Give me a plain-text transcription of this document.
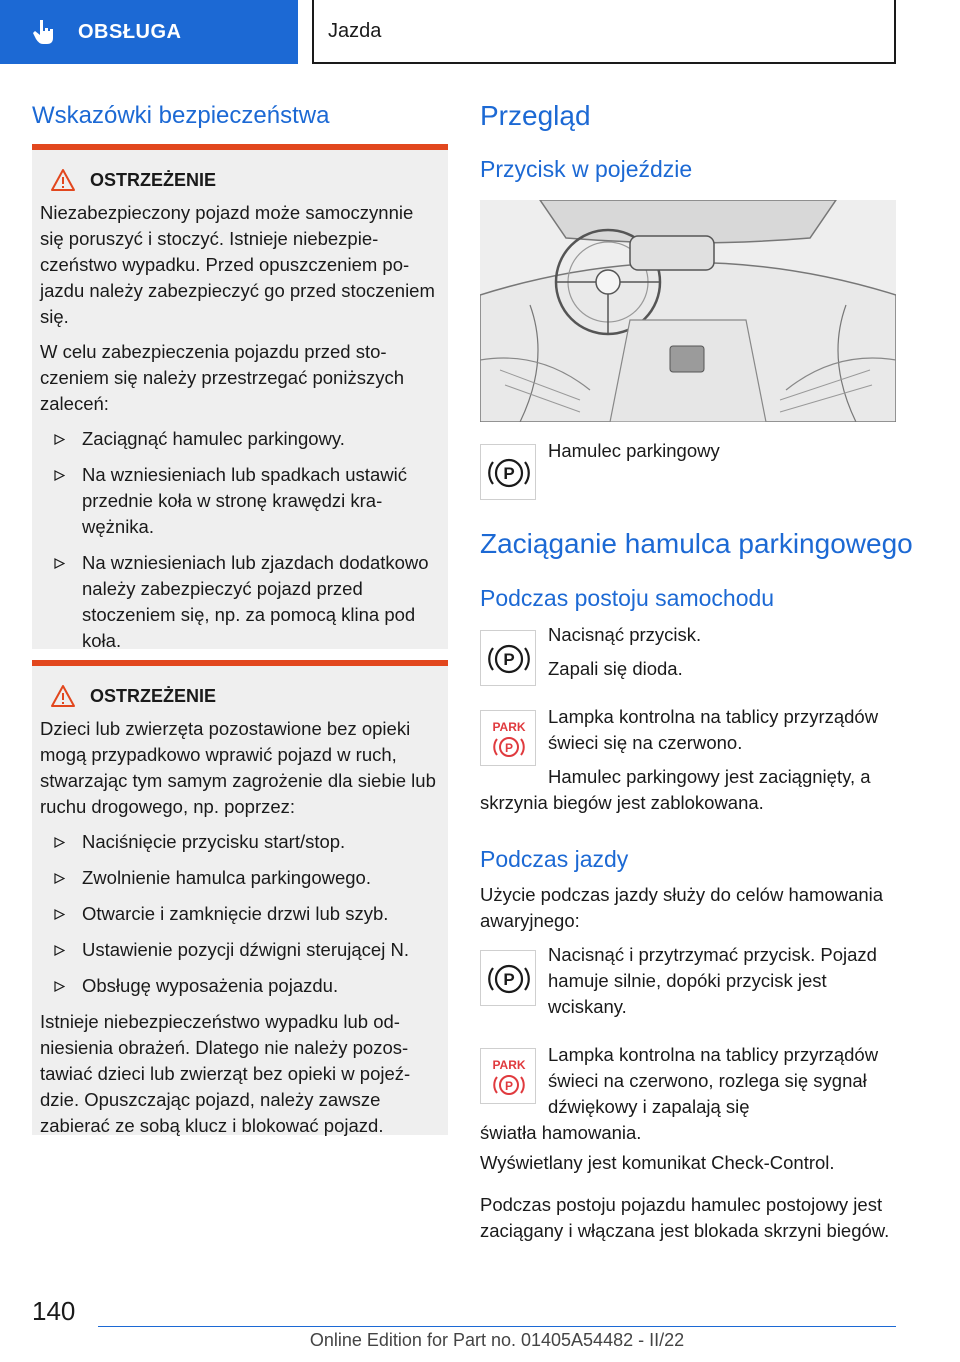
OBSŁUGA	Jazda
Wskazówki bezpieczeństwa
OSTRZEŻENIE

Niezabezpieczony pojazd może samoczynnie się poruszyć i stoczyć. Istnieje niebezpieczeństwo wypadku. Przed opuszczeniem pojazdu należy zabezpieczyć go przed stoczeniem się.

W celu zabezpieczenia pojazdu przed stoczeniem się należy przestrzegać poniższych zaleceń:

Zaciągnąć hamulec parkingowy.
Na wzniesieniach lub spadkach ustawić przednie koła w stronę krawędzi krawężnika.
Na wzniesieniach lub zjazdach dodatkowo należy zabezpieczyć pojazd przed stoczeniem się, np. za pomocą klina pod koła.
OSTRZEŻENIE

Dzieci lub zwierzęta pozostawione bez opieki mogą przypadkowo wprawić pojazd w ruch, stwarzając tym samym zagrożenie dla siebie lub ruchu drogowego, np. poprzez:

Naciśnięcie przycisku start/stop.
Zwolnienie hamulca parkingowego.
Otwarcie i zamknięcie drzwi lub szyb.
Ustawienie pozycji dźwigni sterującej N.
Obsługę wyposażenia pojazdu.

Istnieje niebezpieczeństwo wypadku lub odniesienia obrażeń. Dlatego nie należy pozostawiać dzieci lub zwierząt bez opieki w pojeździe. Opuszczając pojazd, należy zawsze zabierać ze sobą klucz i blokować pojazd.

Przegląd
Przycisk w pojeździe
P
Hamulec parkingowy
Zaciąganie hamulca parkingowego
Podczas postoju samochodu
P
Nacisnąć przycisk.
Zapali się dioda.
PARK
P
Lampka kontrolna na tablicy przyrządów świeci się na czerwono.
Hamulec parkingowy jest zaciągnięty, a skrzynia biegów jest zablokowana.
Podczas jazdy
Użycie podczas jazdy służy do celów hamowania awaryjnego:
P
Nacisnąć i przytrzymać przycisk. Pojazd hamuje silnie, dopóki przycisk jest wciskany.
PARK
P
Lampka kontrolna na tablicy przyrządów świeci na czerwono, rozlega się sygnał dźwiękowy i zapalają się
światła hamowania.
Wyświetlany jest komunikat Check-Control.
Podczas postoju pojazdu hamulec postojowy jest zaciągany i włączana jest blokada skrzyni biegów.
140
Online Edition for Part no. 01405A54482 - II/22
